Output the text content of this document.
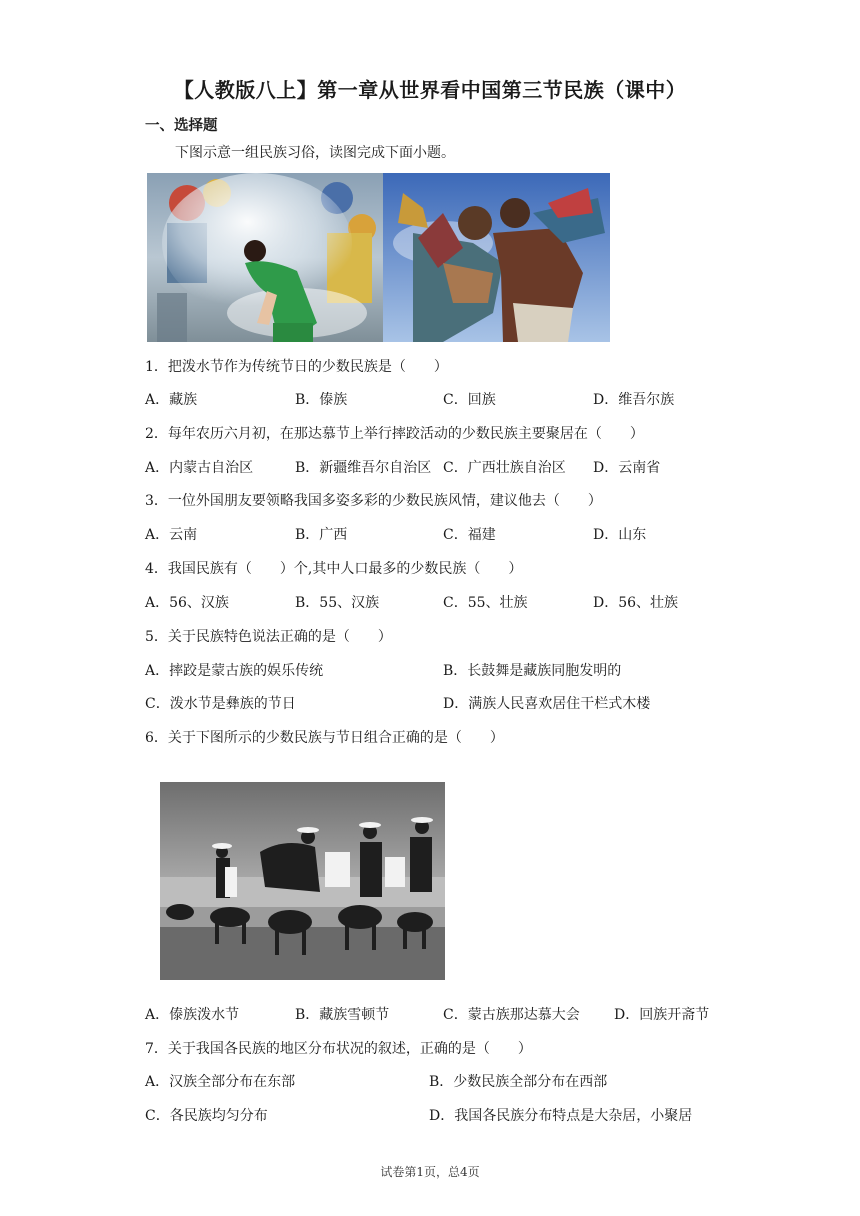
【人教版八上】第一章从世界看中国第三节民族（课中）
一、选择题
下图示意一组民族习俗，读图完成下面小题。
1．把泼水节作为传统节日的少数民族是（　　）
A．藏族	B．傣族	C．回族	D．维吾尔族
2．每年农历六月初，在那达慕节上举行摔跤活动的少数民族主要聚居在（　　）
A．内蒙古自治区	B．新疆维吾尔自治区 C．广西壮族自治区 D．云南省
3．一位外国朋友要领略我国多姿多彩的少数民族风情，建议他去（　　）
A．云南	B．广西	C．福建	D．山东
4．我国民族有（　　）个,其中人口最多的少数民族（　　）
A．56、汉族	B．55、汉族	C．55、壮族	D．56、壮族
5．关于民族特色说法正确的是（　　）
A．摔跤是蒙古族的娱乐传统	B．长鼓舞是藏族同胞发明的
C．泼水节是彝族的节日	D．满族人民喜欢居住干栏式木楼
6．关于下图所示的少数民族与节日组合正确的是（　　）
A．傣族泼水节	B．藏族雪顿节	C．蒙古族那达慕大会 D．回族开斋节
7．关于我国各民族的地区分布状况的叙述，正确的是（　　）
A．汉族全部分布在东部	B．少数民族全部分布在西部
C．各民族均匀分布	D．我国各民族分布特点是大杂居，小聚居
试卷第1页，总4页
